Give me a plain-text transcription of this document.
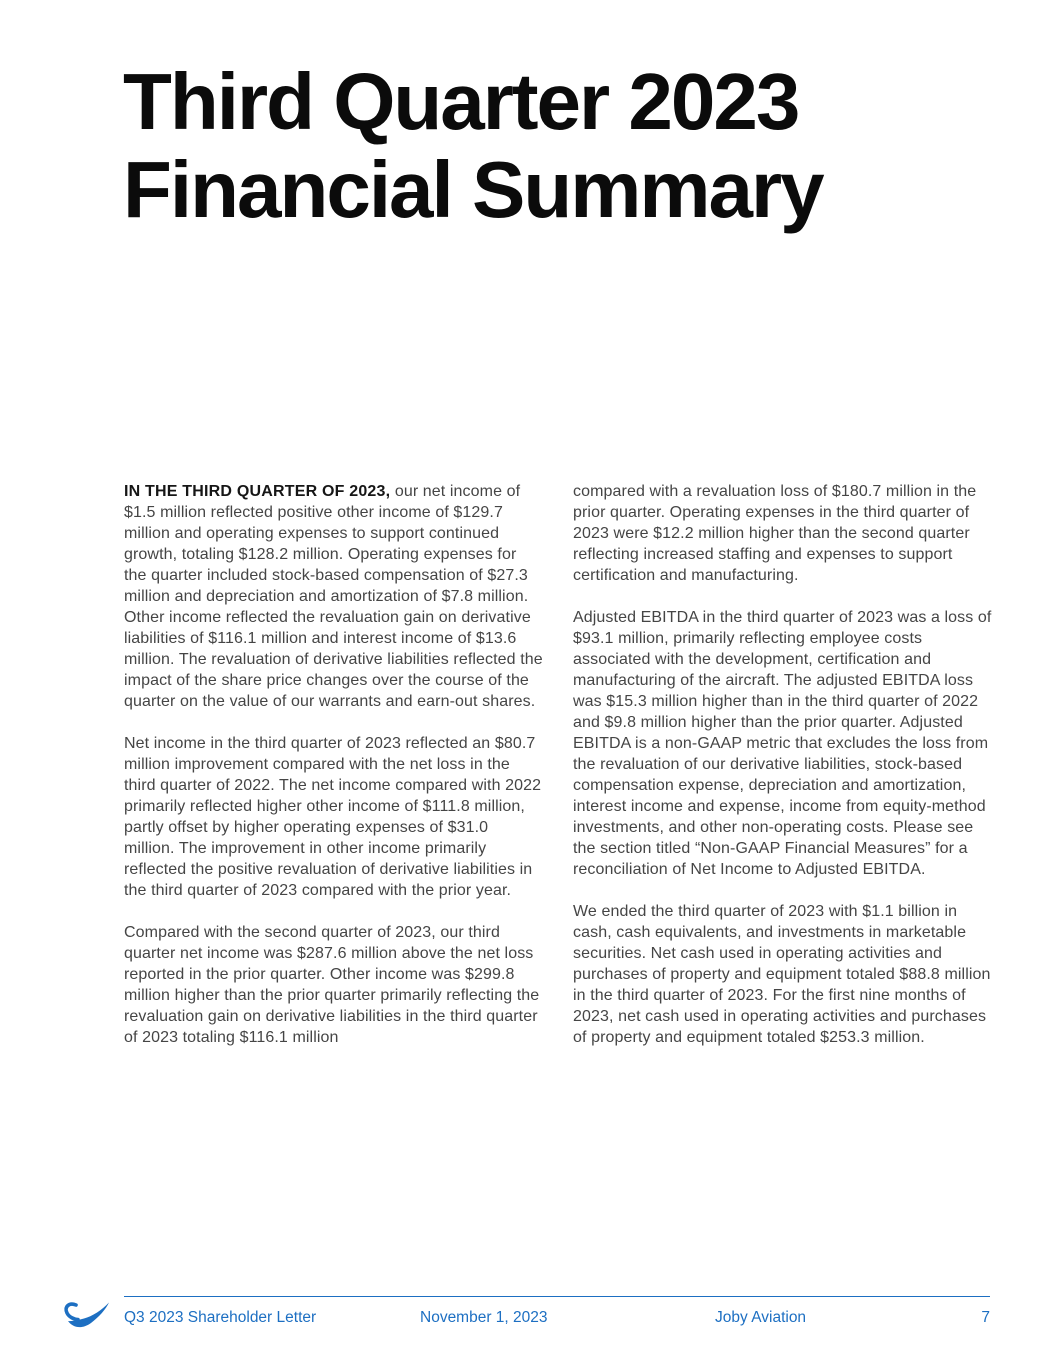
Third Quarter 2023
Financial Summary

IN THE THIRD QUARTER OF 2023, our net income of $1.5 million reflected positive other income of $129.7 million and operating expenses to support continued growth, totaling $128.2 million. Operating expenses for the quarter included stock-based compensation of $27.3 million and depreciation and amortization of $7.8 million. Other income reflected the revaluation gain on derivative liabilities of $116.1 million and interest income of $13.6 million. The revaluation of derivative liabilities reflected the impact of the share price changes over the course of the quarter on the value of our warrants and earn-out shares.

Net income in the third quarter of 2023 reflected an $80.7 million improvement compared with the net loss in the third quarter of 2022. The net income compared with 2022 primarily reflected higher other income of $111.8 million, partly offset by higher operating expenses of $31.0 million. The improvement in other income primarily reflected the positive revaluation of derivative liabilities in the third quarter of 2023 compared with the prior year.

Compared with the second quarter of 2023, our third quarter net income was $287.6 million above the net loss reported in the prior quarter. Other income was $299.8 million higher than the prior quarter primarily reflecting the revaluation gain on derivative liabilities in the third quarter of 2023 totaling $116.1 million

compared with a revaluation loss of $180.7 million in the prior quarter. Operating expenses in the third quarter of 2023 were $12.2 million higher than the second quarter reflecting increased staffing and expenses to support certification and manufacturing.

Adjusted EBITDA in the third quarter of 2023 was a loss of $93.1 million, primarily reflecting employee costs associated with the development, certification and manufacturing of the aircraft. The adjusted EBITDA loss was $15.3 million higher than in the third quarter of 2022 and $9.8 million higher than the prior quarter. Adjusted EBITDA is a non-GAAP metric that excludes the loss from the revaluation of our derivative liabilities, stock-based compensation expense, depreciation and amortization, interest income and expense, income from equity-method investments, and other non-operating costs. Please see the section titled “Non-GAAP Financial Measures” for a reconciliation of Net Income to Adjusted EBITDA.

We ended the third quarter of 2023 with $1.1 billion in cash, cash equivalents, and investments in marketable securities. Net cash used in operating activities and purchases of property and equipment totaled $88.8 million in the third quarter of 2023. For the first nine months of 2023, net cash used in operating activities and purchases of property and equipment totaled $253.3 million.

Q3 2023 Shareholder Letter	November 1, 2023	Joby Aviation	7
